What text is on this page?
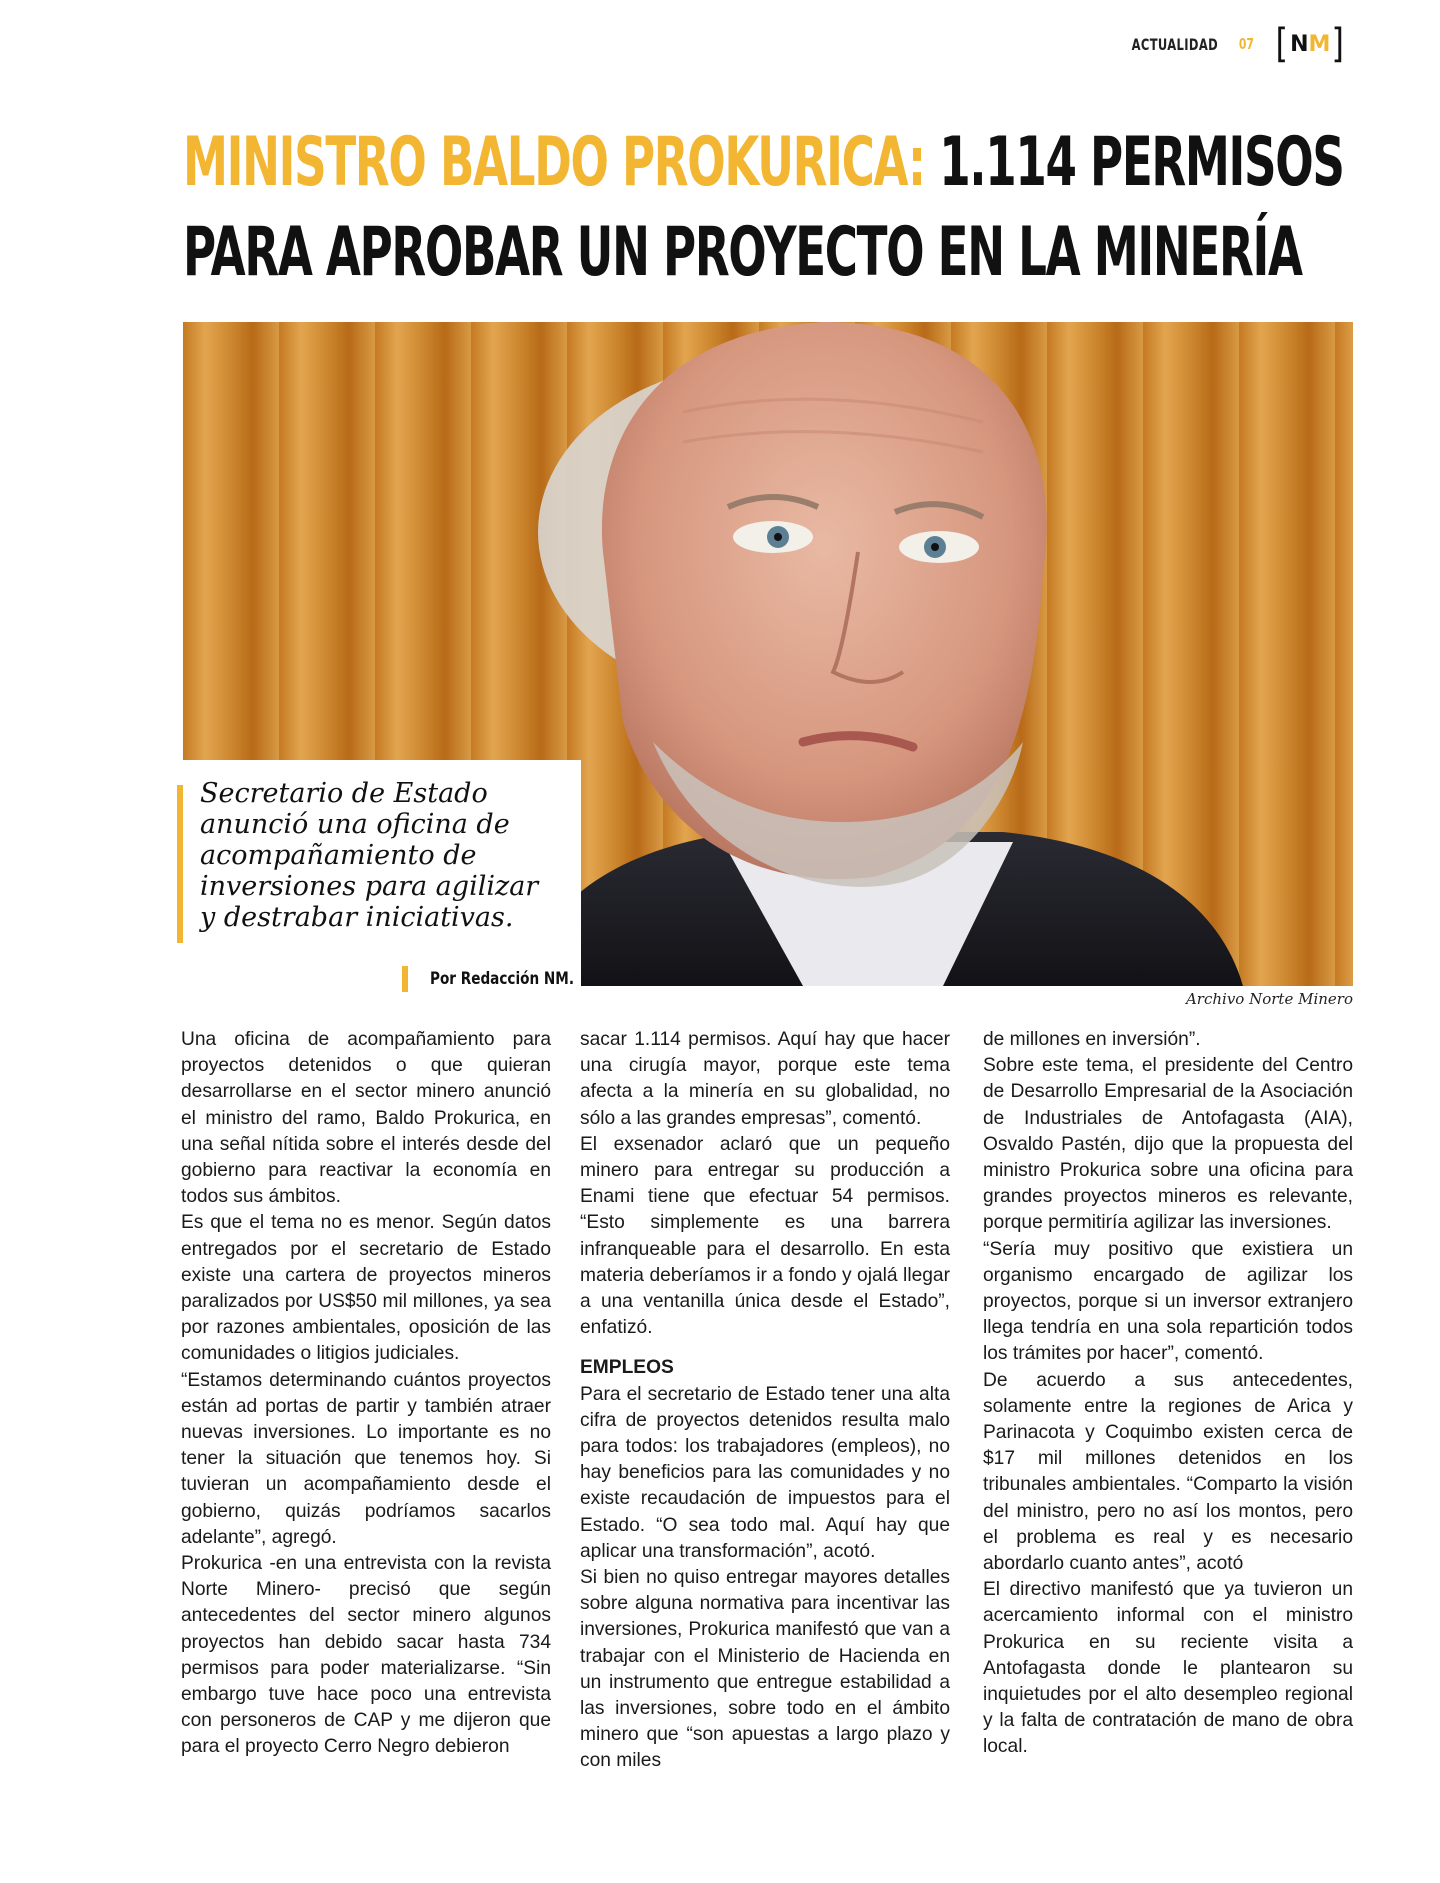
ACTUALIDAD 07 [ N M ]
MINISTRO BALDO PROKURICA: 1.114 PERMISOS
PARA APROBAR UN PROYECTO EN LA MINERÍA

Secretario de Estado anunció una oficina de acompañamiento de inversiones para agilizar y destrabar iniciativas.

Por Redacción NM.
Archivo Norte Minero

Una oficina de acompañamiento para proyectos detenidos o que quieran desarrollarse en el sector minero anunció el ministro del ramo, Baldo Prokurica, en una señal nítida sobre el interés desde del gobierno para reactivar la economía en todos sus ámbitos.

Es que el tema no es menor. Según datos entregados por el secretario de Estado existe una cartera de proyectos mineros paralizados por US$50 mil millones, ya sea por razones ambientales, oposición de las comunidades o litigios judiciales.

“Estamos determinando cuántos proyectos están ad portas de partir y también atraer nuevas inversiones. Lo importante es no tener la situación que tenemos hoy. Si tuvieran un acompañamiento desde el gobierno, quizás podríamos sacarlos adelante”, agregó.

Prokurica -en una entrevista con la revista Norte Minero- precisó que según antecedentes del sector minero algunos proyectos han debido sacar hasta 734 permisos para poder materializarse. “Sin embargo tuve hace poco una entrevista con personeros de CAP y me dijeron que para el proyecto Cerro Negro debieron

sacar 1.114 permisos. Aquí hay que hacer una cirugía mayor, porque este tema afecta a la minería en su globalidad, no sólo a las grandes empresas”, comentó.

El exsenador aclaró que un pequeño minero para entregar su producción a Enami tiene que efectuar 54 permisos. “Esto simplemente es una barrera infranqueable para el desarrollo. En esta materia deberíamos ir a fondo y ojalá llegar a una ventanilla única desde el Estado”, enfatizó.

EMPLEOS

Para el secretario de Estado tener una alta cifra de proyectos detenidos resulta malo para todos: los trabajadores (empleos), no hay beneficios para las comunidades y no existe recaudación de impuestos para el Estado. “O sea todo mal. Aquí hay que aplicar una transformación”, acotó.

Si bien no quiso entregar mayores detalles sobre alguna normativa para incentivar las inversiones, Prokurica manifestó que van a trabajar con el Ministerio de Hacienda en un instrumento que entregue estabilidad a las inversiones, sobre todo en el ámbito minero que “son apuestas a largo plazo y con miles

de millones en inversión”.

Sobre este tema, el presidente del Centro de Desarrollo Empresarial de la Asociación de Industriales de Antofagasta (AIA), Osvaldo Pastén, dijo que la propuesta del ministro Prokurica sobre una oficina para grandes proyectos mineros es relevante, porque permitiría agilizar las inversiones.

“Sería muy positivo que existiera un organismo encargado de agilizar los proyectos, porque si un inversor extranjero llega tendría en una sola repartición todos los trámites por hacer”, comentó.

De acuerdo a sus antecedentes, solamente entre la regiones de Arica y Parinacota y Coquimbo existen cerca de $17 mil millones detenidos en los tribunales ambientales. “Comparto la visión del ministro, pero no así los montos, pero el problema es real y es necesario abordarlo cuanto antes”, acotó

El directivo manifestó que ya tuvieron un acercamiento informal con el ministro Prokurica en su reciente visita a Antofagasta donde le plantearon su inquietudes por el alto desempleo regional y la falta de contratación de mano de obra local.
